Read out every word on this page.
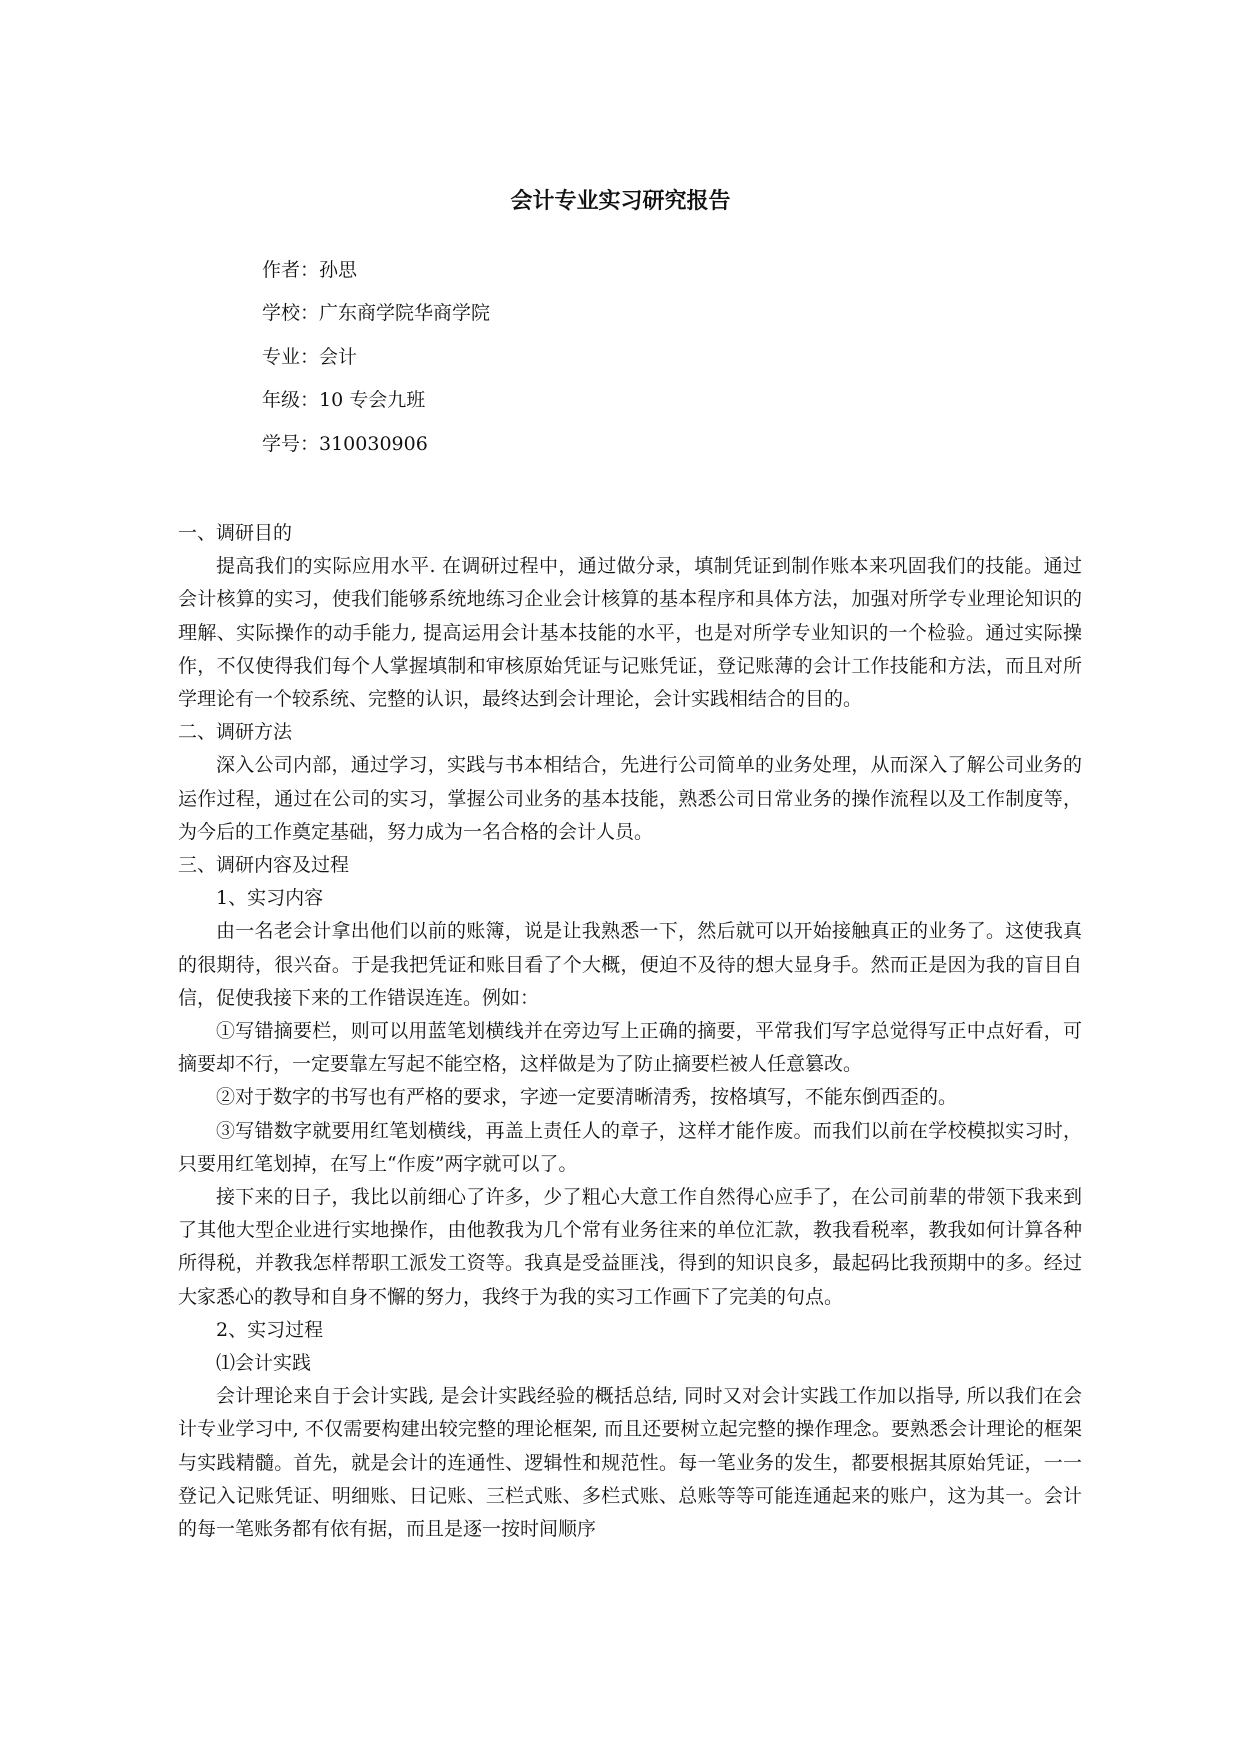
会计专业实习研究报告
作者：孙思
学校：广东商学院华商学院
专业：会计
年级：10 专会九班
学号：310030906

一、调研目的

提高我们的实际应用水平. 在调研过程中，通过做分录，填制凭证到制作账本来巩固我们的技能。通过会计核算的实习，使我们能够系统地练习企业会计核算的基本程序和具体方法，加强对所学专业理论知识的理解、实际操作的动手能力, 提高运用会计基本技能的水平，也是对所学专业知识的一个检验。通过实际操作，不仅使得我们每个人掌握填制和审核原始凭证与记账凭证，登记账薄的会计工作技能和方法，而且对所学理论有一个较系统、完整的认识，最终达到会计理论，会计实践相结合的目的。

二、调研方法

深入公司内部，通过学习，实践与书本相结合，先进行公司简单的业务处理，从而深入了解公司业务的运作过程，通过在公司的实习，掌握公司业务的基本技能，熟悉公司日常业务的操作流程以及工作制度等，为今后的工作奠定基础，努力成为一名合格的会计人员。

三、调研内容及过程

1、实习内容

由一名老会计拿出他们以前的账簿，说是让我熟悉一下，然后就可以开始接触真正的业务了。这使我真的很期待，很兴奋。于是我把凭证和账目看了个大概，便迫不及待的想大显身手。然而正是因为我的盲目自信，促使我接下来的工作错误连连。例如：

①写错摘要栏，则可以用蓝笔划横线并在旁边写上正确的摘要，平常我们写字总觉得写正中点好看，可摘要却不行，一定要靠左写起不能空格，这样做是为了防止摘要栏被人任意篡改。

②对于数字的书写也有严格的要求，字迹一定要清晰清秀，按格填写，不能东倒西歪的。

③写错数字就要用红笔划横线，再盖上责任人的章子，这样才能作废。而我们以前在学校模拟实习时，只要用红笔划掉，在写上“作废”两字就可以了。

接下来的日子，我比以前细心了许多，少了粗心大意工作自然得心应手了，在公司前辈的带领下我来到了其他大型企业进行实地操作，由他教我为几个常有业务往来的单位汇款，教我看税率，教我如何计算各种所得税，并教我怎样帮职工派发工资等。我真是受益匪浅，得到的知识良多，最起码比我预期中的多。经过大家悉心的教导和自身不懈的努力，我终于为我的实习工作画下了完美的句点。

2、实习过程

⑴会计实践

会计理论来自于会计实践, 是会计实践经验的概括总结, 同时又对会计实践工作加以指导, 所以我们在会计专业学习中, 不仅需要构建出较完整的理论框架, 而且还要树立起完整的操作理念。要熟悉会计理论的框架与实践精髓。首先，就是会计的连通性、逻辑性和规范性。每一笔业务的发生，都要根据其原始凭证，一一登记入记账凭证、明细账、日记账、三栏式账、多栏式账、总账等等可能连通起来的账户，这为其一。会计的每一笔账务都有依有据，而且是逐一按时间顺序
